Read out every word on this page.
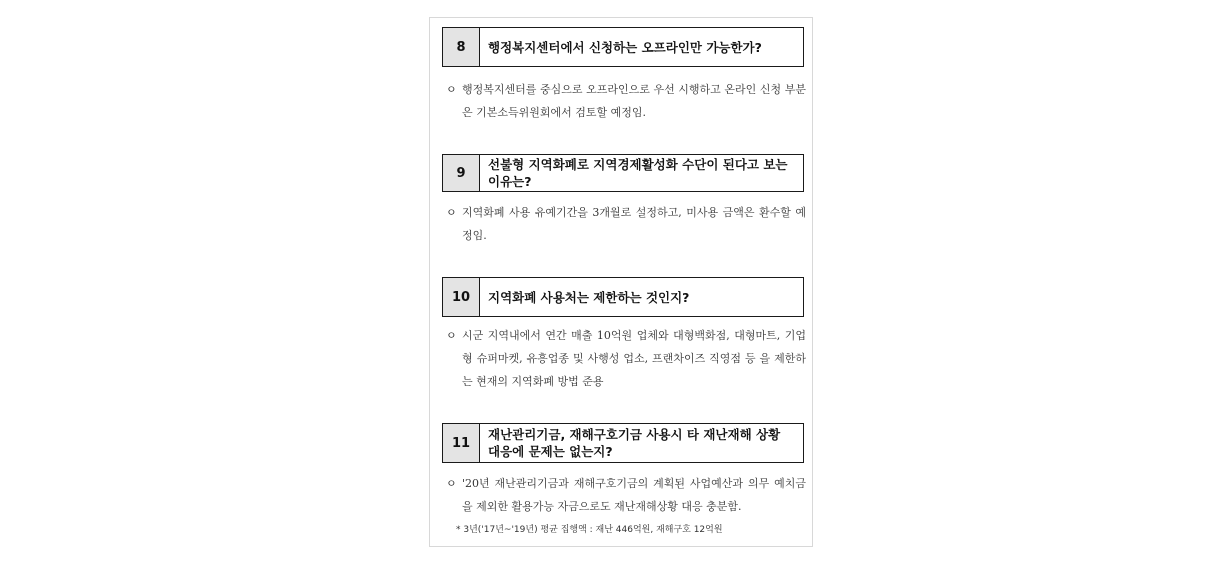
8	행정복지센터에서 신청하는 오프라인만 가능한가?
ㅇ 행정복지센터를 중심으로 오프라인으로 우선 시행하고 온라인 신청 부분은 기본소득위원회에서 검토할 예정임.
9
선불형 지역화폐로 지역경제활성화 수단이 된다고 보는 이유는?
ㅇ 지역화폐 사용 유예기간을 3개월로 설정하고, 미사용 금액은 환수할 예정임.
10	지역화폐 사용처는 제한하는 것인지?
ㅇ 시군 지역내에서 연간 매출 10억원 업체와 대형백화점, 대형마트, 기업형 슈퍼마켓, 유흥업종 및 사행성 업소, 프랜차이즈 직영점 등 을 제한하는 현재의 지역화폐 방법 준용
11
재난관리기금, 재해구호기금 사용시 타 재난재해 상황 대응에 문제는 없는지?
ㅇ '20년 재난관리기금과 재해구호기금의 계획된 사업예산과 의무 예치금을 제외한 활용가능 자금으로도 재난재해상황 대응 충분함.
* 3년('17년~'19년) 평균 집행액 : 재난 446억원, 재해구호 12억원
